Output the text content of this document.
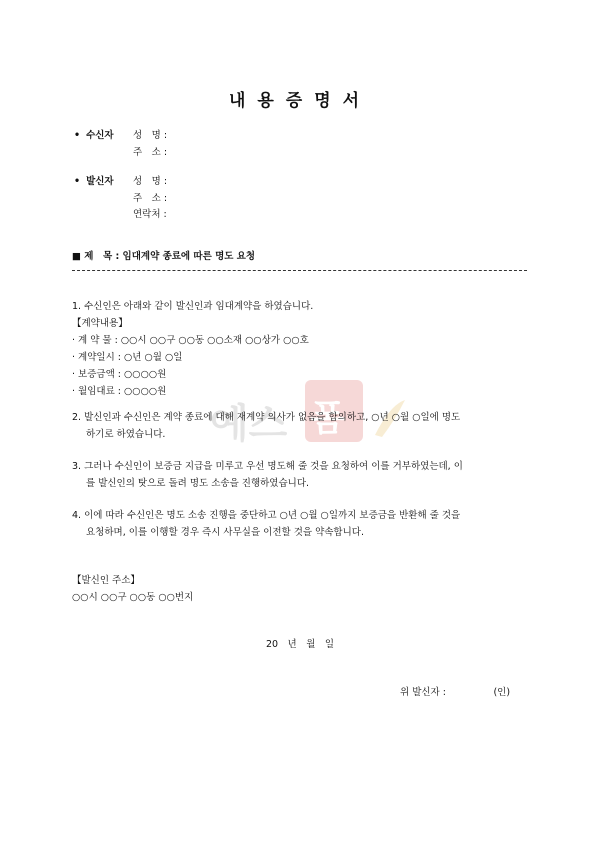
내용증명서
• 수신자 성　명 :
주　소 :
• 발신자 성　명 :
주　소 :
연락처 :
■ 제　목 : 임대계약 종료에 따른 명도 요청
1. 수신인은 아래와 같이 발신인과 임대계약을 하였습니다.
【계약내용】
· 계 약 물 : ○○시 ○○구 ○○동 ○○소재 ○○상가 ○○호
· 계약일시 : ○년 ○월 ○일
· 보증금액 : ○○○○원
· 월임대료 : ○○○○원
예스 폼
2. 발신인과 수신인은 계약 종료에 대해 재계약 의사가 없음을 합의하고, ○년 ○월 ○일에 명도
하기로 하였습니다.
3. 그러나 수신인이 보증금 지급을 미루고 우선 명도해 줄 것을 요청하여 이를 거부하였는데, 이
를 발신인의 탓으로 돌려 명도 소송을 진행하였습니다.
4. 이에 따라 수신인은 명도 소송 진행을 중단하고 ○년 ○월 ○일까지 보증금을 반환해 줄 것을
요청하며, 이를 이행할 경우 즉시 사무실을 이전할 것을 약속합니다.
【발신인 주소】
○○시 ○○구 ○○동 ○○번지
20　년　월　일
위 발신자 :　　　　　(인)
